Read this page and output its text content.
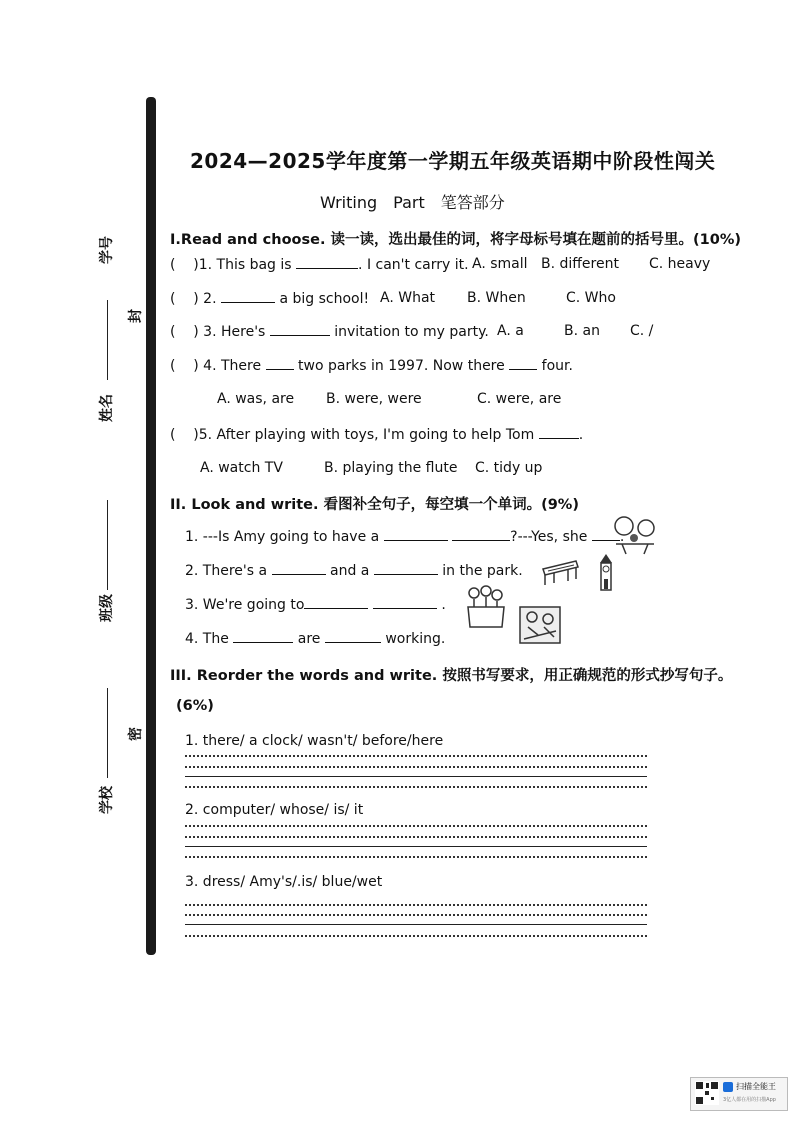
学号
姓名
班级
学校
封
密
2024—2025学年度第一学期五年级英语期中阶段性闯关
Writing　Part　笔答部分
I.Read and choose. 读一读，选出最佳的词，将字母标号填在题前的括号里。(10%)
(    )1. This bag is	. I can't carry it. A. small B. different C. heavy
(    ) 2.	a big school! A. What B. When	C. Who
(    ) 3. Here's	invitation to my party. A. a	B. an C. /
(    ) 4. There	two parks in 1997. Now there	four.
A. was, are B. were, were	C. were, are
(    )5. After playing with toys, I'm going to help Tom	.
A. watch TV	B. playing the flute C. tidy up
II. Look and write. 看图补全句子，每空填一个单词。(9%)
1. ---Is Amy going to have a	?---Yes, she .
2. There's a	and a	in the park.
3. We're going to	.
4. The	are	working.
III. Reorder the words and write. 按照书写要求，用正确规范的形式抄写句子。
(6%)
1. there/ a clock/ wasn't/ before/here
2. computer/ whose/ is/ it
3. dress/ Amy's/.is/ blue/wet
扫描全能王
3亿人都在用的扫描App
